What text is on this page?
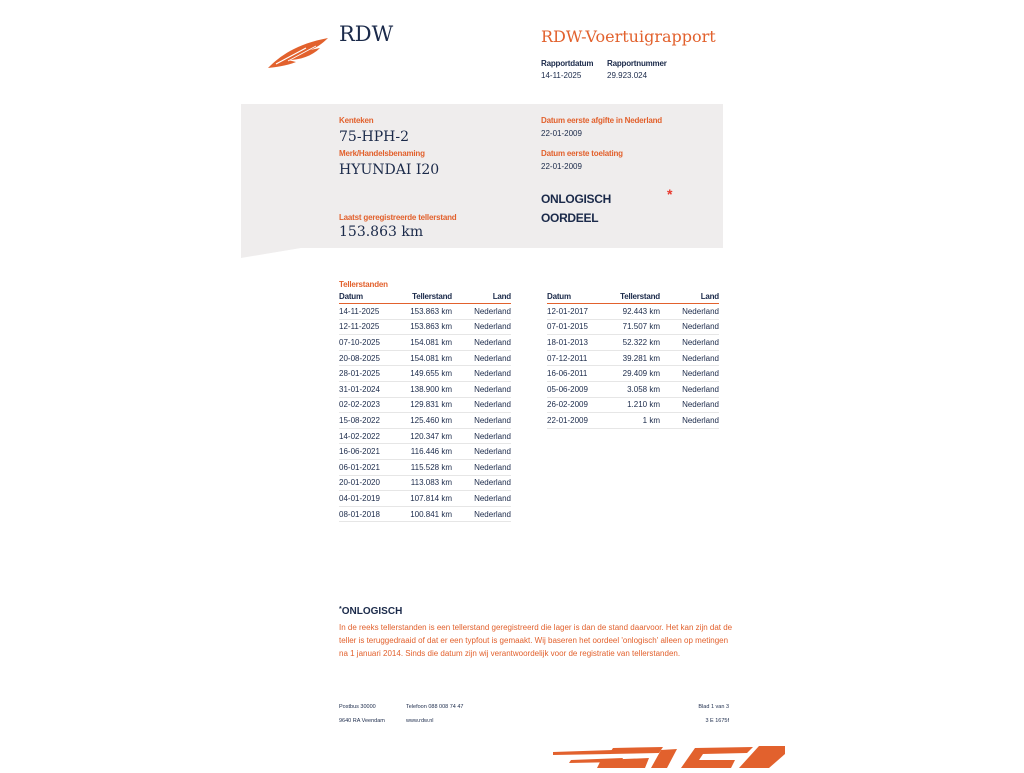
RDW	RDW-Voertuigrapport
Rapportdatum
14-11-2025
Rapportnummer
29.923.024
Kenteken
75-HPH-2
Merk/Handelsbenaming
HYUNDAI I20
Laatst geregistreerde tellerstand
153.863 km
Datum eerste afgifte in Nederland
22-01-2009
Datum eerste toelating
22-01-2009
ONLOGISCH
OORDEEL
*
Tellerstanden
Datum	Tellerstand	Land
14-11-2025	153.863 km	Nederland
12-11-2025	153.863 km	Nederland
07-10-2025	154.081 km	Nederland
20-08-2025	154.081 km	Nederland
28-01-2025	149.655 km	Nederland
31-01-2024	138.900 km	Nederland
02-02-2023	129.831 km	Nederland
15-08-2022	125.460 km	Nederland
14-02-2022	120.347 km	Nederland
16-06-2021	116.446 km	Nederland
06-01-2021	115.528 km	Nederland
20-01-2020	113.083 km	Nederland
04-01-2019	107.814 km	Nederland
08-01-2018	100.841 km	Nederland
Datum	Tellerstand	Land
12-01-2017	92.443 km	Nederland
07-01-2015	71.507 km	Nederland
18-01-2013	52.322 km	Nederland
07-12-2011	39.281 km	Nederland
16-06-2011	29.409 km	Nederland
05-06-2009	3.058 km	Nederland
26-02-2009	1.210 km	Nederland
22-01-2009	1 km	Nederland
*ONLOGISCH
In de reeks tellerstanden is een tellerstand geregistreerd die lager is dan de stand daarvoor. Het kan zijn dat de teller is teruggedraaid of dat er een typfout is gemaakt. Wij baseren het oordeel 'onlogisch' alleen op metingen na 1 januari 2014. Sinds die datum zijn wij verantwoordelijk voor de registratie van tellerstanden.
Postbus 30000
9640 RA Veendam
Telefoon 088 008 74 47
www.rdw.nl
Blad 1 van 3
3 E 1675f
